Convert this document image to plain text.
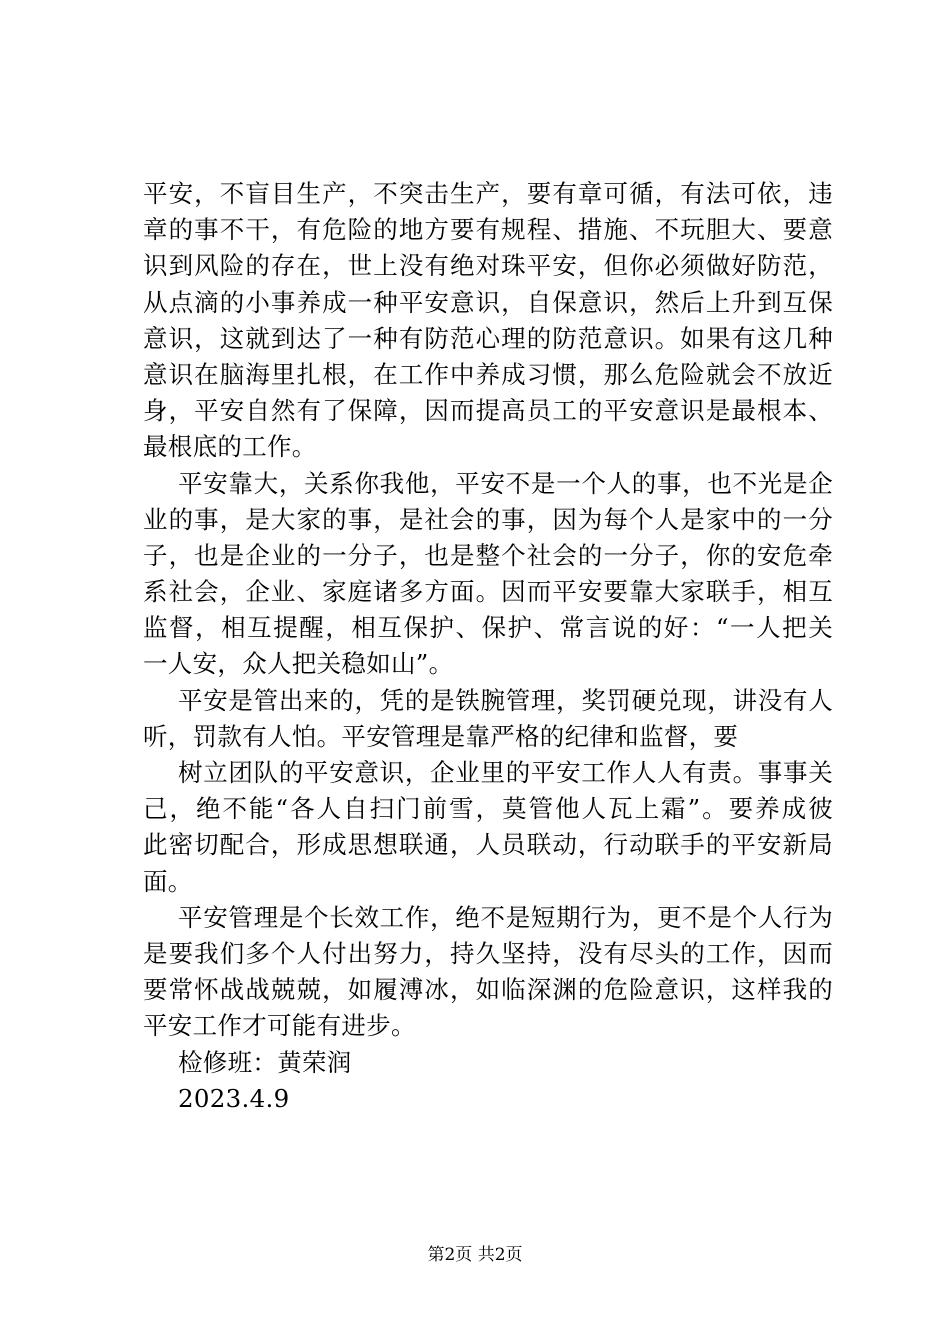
平安，不盲目生产，不突击生产，要有章可循，有法可依，违
章的事不干，有危险的地方要有规程、措施、不玩胆大、要意
识到风险的存在，世上没有绝对珠平安，但你必须做好防范，
从点滴的小事养成一种平安意识，自保意识，然后上升到互保
意识，这就到达了一种有防范心理的防范意识。如果有这几种
意识在脑海里扎根，在工作中养成习惯，那么危险就会不放近
身，平安自然有了保障，因而提高员工的平安意识是最根本、
最根底的工作。
平安靠大，关系你我他，平安不是一个人的事，也不光是企
业的事，是大家的事，是社会的事，因为每个人是家中的一分
子，也是企业的一分子，也是整个社会的一分子，你的安危牵
系社会，企业、家庭诸多方面。因而平安要靠大家联手，相互
监督，相互提醒，相互保护、保护、常言说的好：“一人把关
一人安，众人把关稳如山”。
平安是管出来的，凭的是铁腕管理，奖罚硬兑现，讲没有人
听，罚款有人怕。平安管理是靠严格的纪律和监督，要
树立团队的平安意识，企业里的平安工作人人有责。事事关
己，绝不能“各人自扫门前雪，莫管他人瓦上霜”。要养成彼
此密切配合，形成思想联通，人员联动，行动联手的平安新局
面。
平安管理是个长效工作，绝不是短期行为，更不是个人行为
是要我们多个人付出努力，持久坚持，没有尽头的工作，因而
要常怀战战兢兢，如履溥冰，如临深渊的危险意识，这样我的
平安工作才可能有进步。
检修班：黄荣润
2023.4.9
第2页 共2页
